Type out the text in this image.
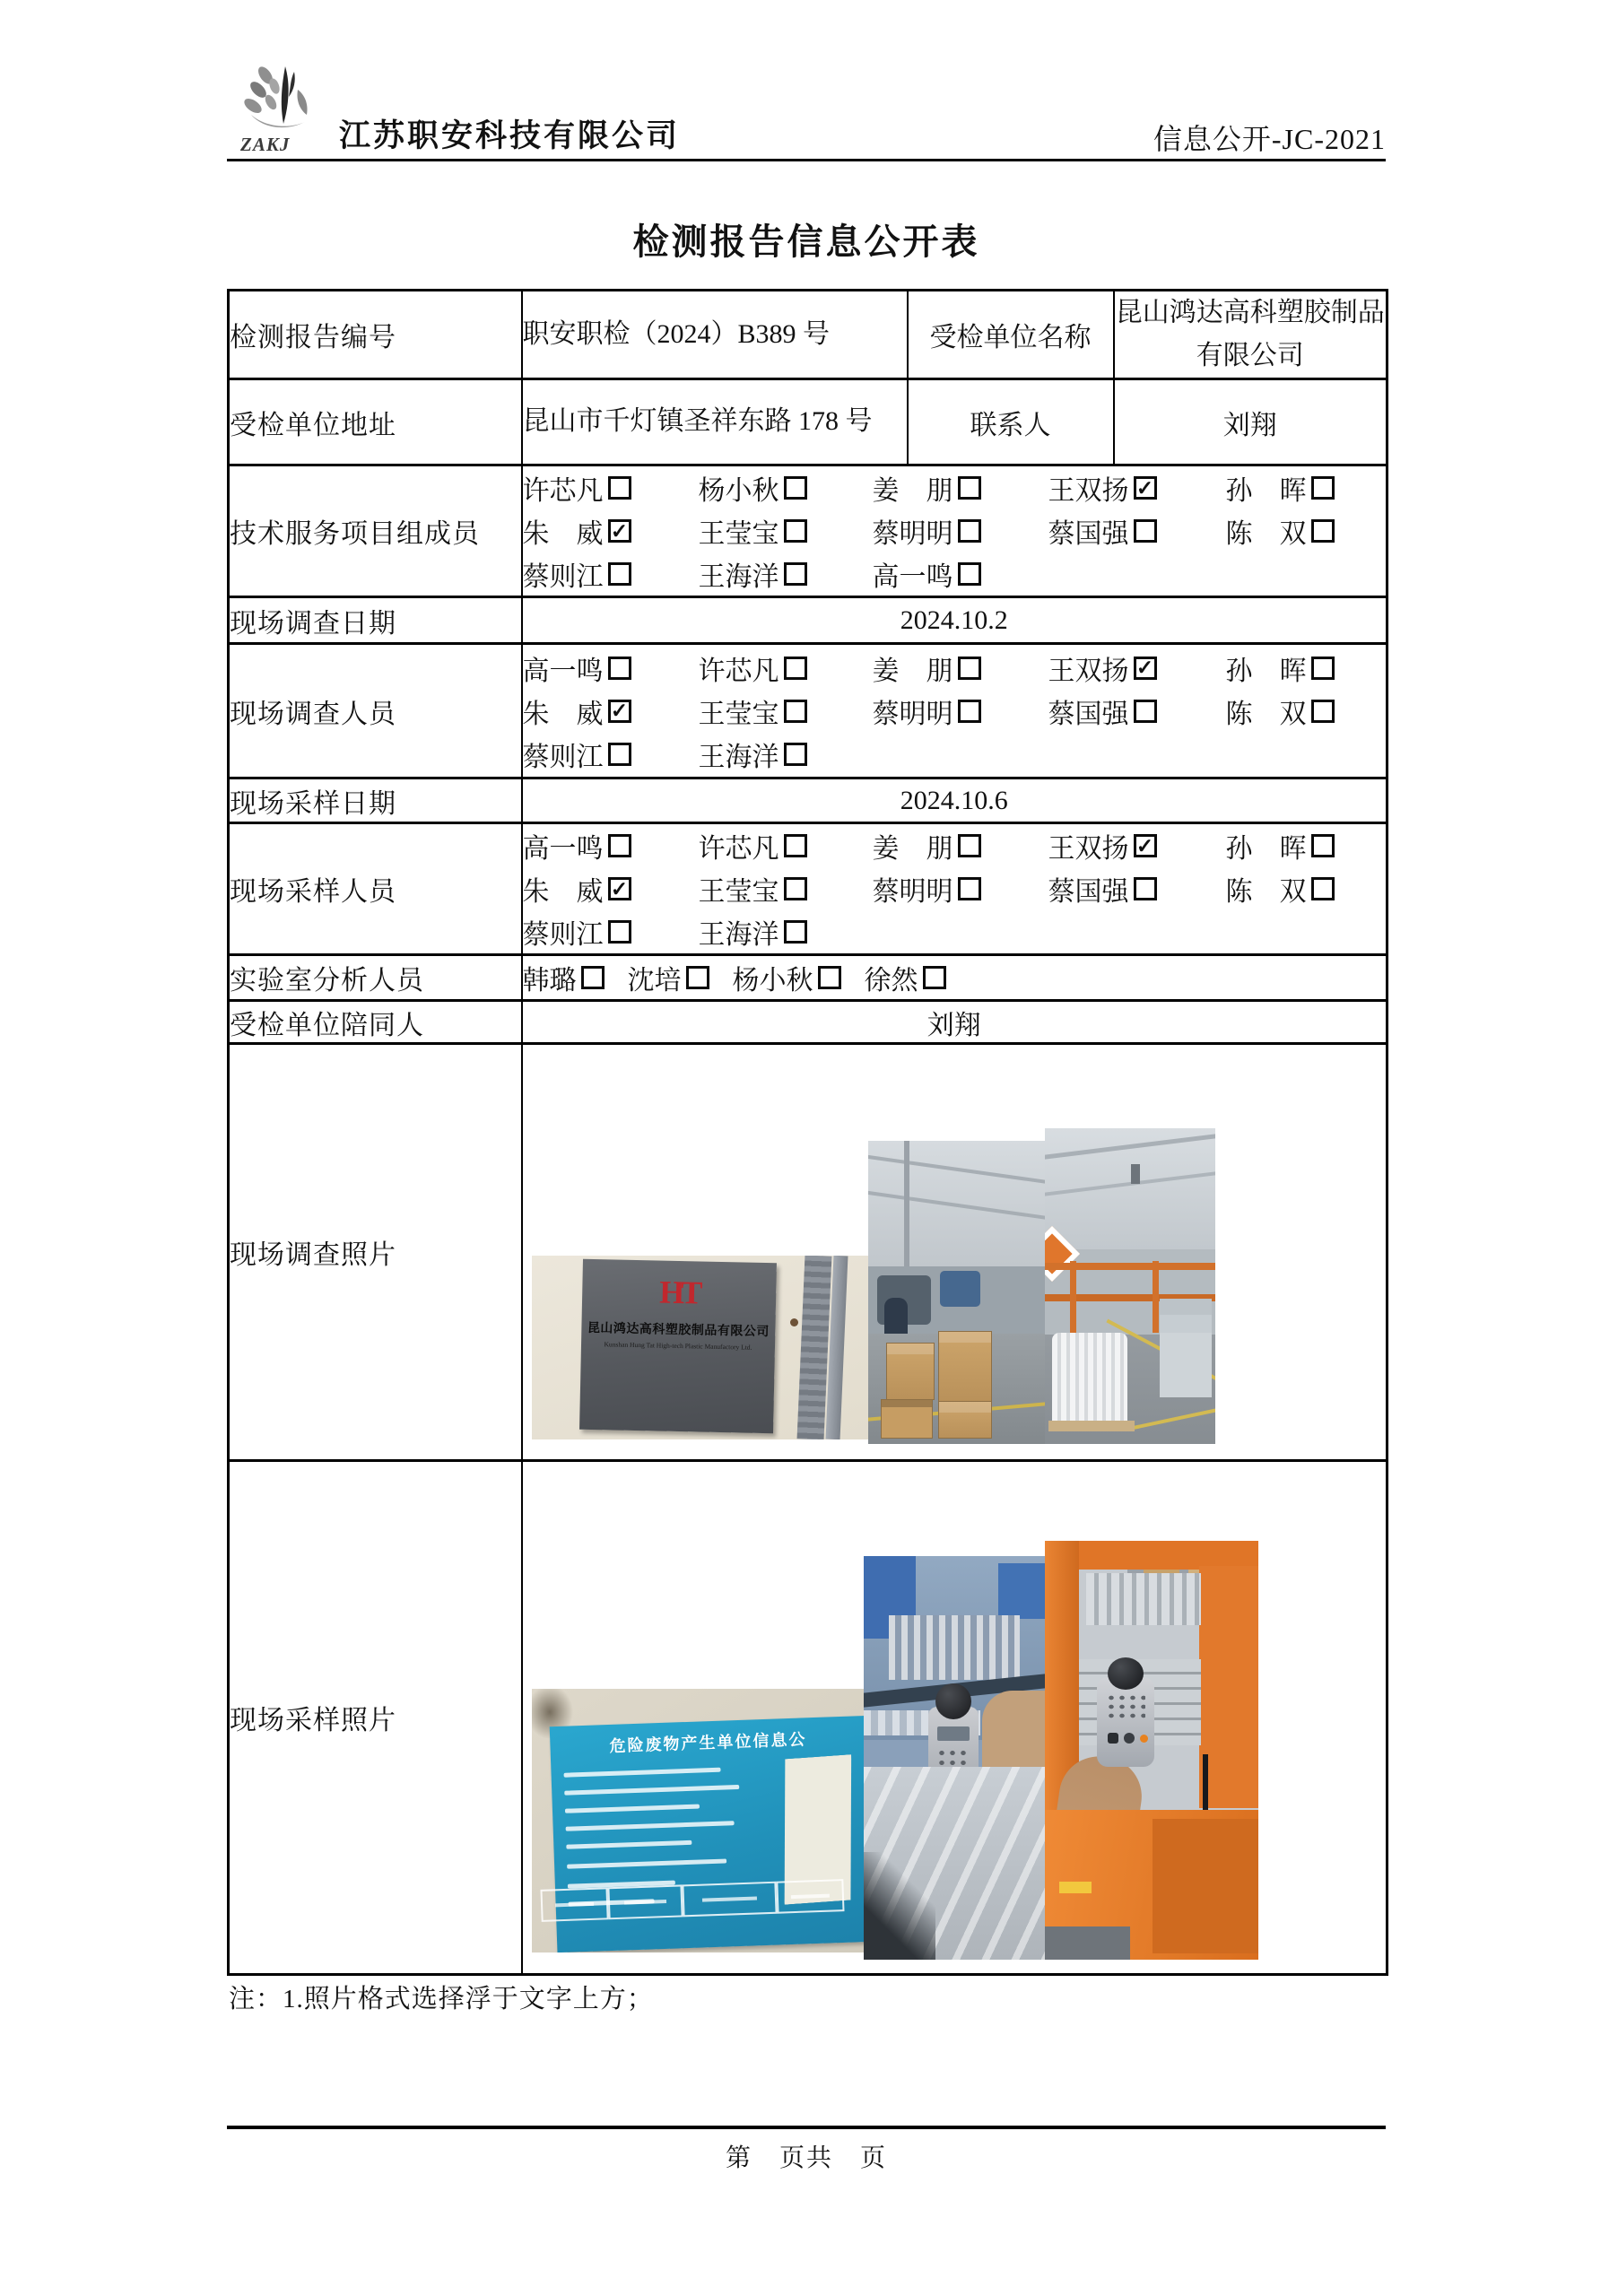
ZAKJ 江苏职安科技有限公司	信息公开-JC-2021
检测报告信息公开表
检测报告编号	职安职检（2024）B389 号	受检单位名称	昆山鸿达高科塑胶制品有限公司
受检单位地址	昆山市千灯镇圣祥东路 178 号	联系人	刘翔
技术服务项目组成员	
许芯凡	杨小秋	姜　朋	王双扬 ✓	孙　晖
朱　威 ✓	王莹宝	蔡明明	蔡国强	陈　双
蔡则江	王海洋	高一鸣

现场调查日期	2024.10.2		
现场调查人员	
高一鸣	许芯凡	姜　朋	王双扬 ✓	孙　晖
朱　威 ✓	王莹宝	蔡明明	蔡国强	陈　双
蔡则江	王海洋

现场采样日期	2024.10.6		
现场采样人员	
高一鸣	许芯凡	姜　朋	王双扬 ✓	孙　晖
朱　威 ✓	王莹宝	蔡明明	蔡国强	陈　双
蔡则江	王海洋

实验室分析人员	韩璐 沈培 杨小秋 徐然		

受检单位陪同人	刘翔		
现场调查照片	HT
昆山鸿达高科塑胶制品有限公司
Kunshan Hung Tat High-tech Plastic Manufactory Ltd.		

现场采样照片	危险废物产生单位信息公		
注：1.照片格式选择浮于文字上方；
第　页共　页
